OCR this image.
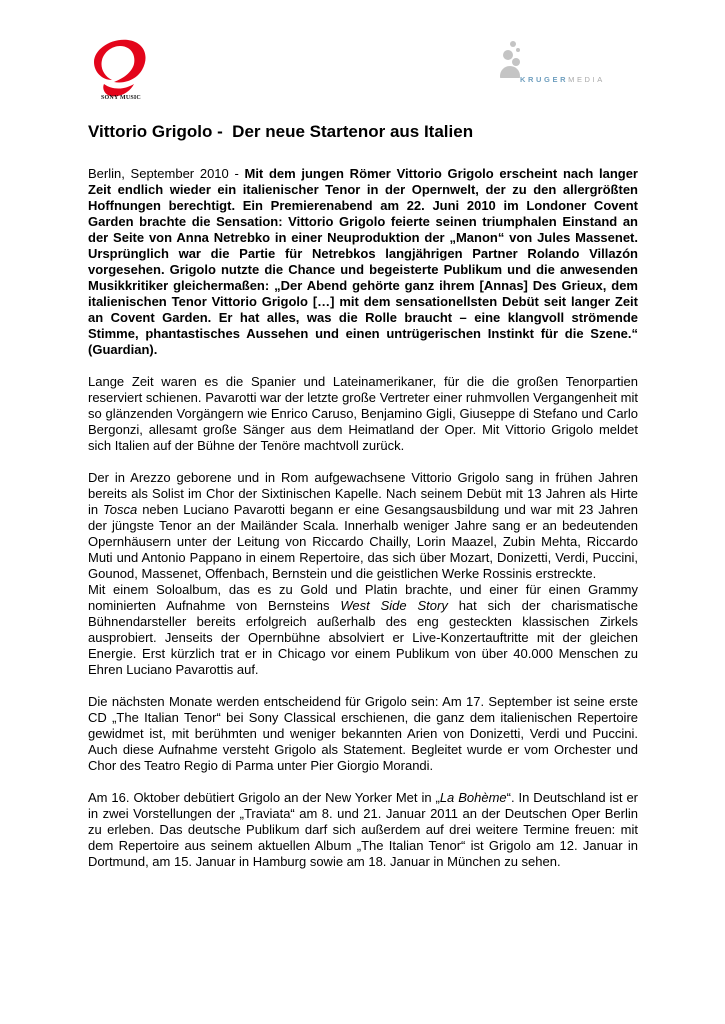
SONY MUSIC
KRUGERMEDIA
Vittorio Grigolo -  Der neue Startenor aus Italien

Berlin, September 2010 - Mit dem jungen Römer Vittorio Grigolo erscheint nach langer Zeit endlich wieder ein italienischer Tenor in der Opernwelt, der zu den allergrößten Hoffnungen berechtigt. Ein Premierenabend am 22. Juni 2010 im Londoner Covent Garden brachte die Sensation: Vittorio Grigolo feierte seinen triumphalen Einstand an der Seite von Anna Netrebko in einer Neuproduktion der „Manon“ von Jules Massenet. Ursprünglich war die Partie für Netrebkos langjährigen Partner Rolando Villazón vorgesehen. Grigolo nutzte die Chance und begeisterte Publikum und die anwesenden Musikkritiker gleichermaßen: „Der Abend gehörte ganz ihrem [Annas] Des Grieux, dem italienischen Tenor Vittorio Grigolo […] mit dem sensationellsten Debüt seit langer Zeit an Covent Garden. Er hat alles, was die Rolle braucht – eine klangvoll strömende Stimme, phantastisches Aussehen und einen untrügerischen Instinkt für die Szene.“ (Guardian).

Lange Zeit waren es die Spanier und Lateinamerikaner, für die die großen Tenorpartien reserviert schienen. Pavarotti war der letzte große Vertreter einer ruhmvollen Vergangenheit mit so glänzenden Vorgängern wie Enrico Caruso, Benjamino Gigli, Giuseppe di Stefano und Carlo Bergonzi, allesamt große Sänger aus dem Heimatland der Oper. Mit Vittorio Grigolo meldet sich Italien auf der Bühne der Tenöre machtvoll zurück.

Der in Arezzo geborene und in Rom aufgewachsene Vittorio Grigolo sang in frühen Jahren bereits als Solist im Chor der Sixtinischen Kapelle. Nach seinem Debüt mit 13 Jahren als Hirte in Tosca neben Luciano Pavarotti begann er eine Gesangsausbildung und war mit 23 Jahren der jüngste Tenor an der Mailänder Scala. Innerhalb weniger Jahre sang er an bedeutenden Opernhäusern unter der Leitung von Riccardo Chailly, Lorin Maazel, Zubin Mehta, Riccardo Muti und Antonio Pappano in einem Repertoire, das sich über Mozart, Donizetti, Verdi, Puccini, Gounod, Massenet, Offenbach, Bernstein und die geistlichen Werke Rossinis erstreckte.

Mit einem Soloalbum, das es zu Gold und Platin brachte, und einer für einen Grammy nominierten Aufnahme von Bernsteins West Side Story hat sich der charismatische Bühnendarsteller bereits erfolgreich außerhalb des eng gesteckten klassischen Zirkels ausprobiert. Jenseits der Opernbühne absolviert er Live-Konzertauftritte mit der gleichen Energie. Erst kürzlich trat er in Chicago vor einem Publikum von über 40.000 Menschen zu Ehren Luciano Pavarottis auf.

Die nächsten Monate werden entscheidend für Grigolo sein: Am 17. September ist seine erste CD „The Italian Tenor“ bei Sony Classical erschienen, die ganz dem italienischen Repertoire gewidmet ist, mit berühmten und weniger bekannten Arien von Donizetti, Verdi und Puccini. Auch diese Aufnahme versteht Grigolo als Statement. Begleitet wurde er vom Orchester und Chor des Teatro Regio di Parma unter Pier Giorgio Morandi.

Am 16. Oktober debütiert Grigolo an der New Yorker Met in „La Bohème“. In Deutschland ist er in zwei Vorstellungen der „Traviata“ am 8. und 21. Januar 2011 an der Deutschen Oper Berlin zu erleben. Das deutsche Publikum darf sich außerdem auf drei weitere Termine freuen: mit dem Repertoire aus seinem aktuellen Album „The Italian Tenor“ ist Grigolo am 12. Januar in Dortmund, am 15. Januar in Hamburg sowie am 18. Januar in München zu sehen.
